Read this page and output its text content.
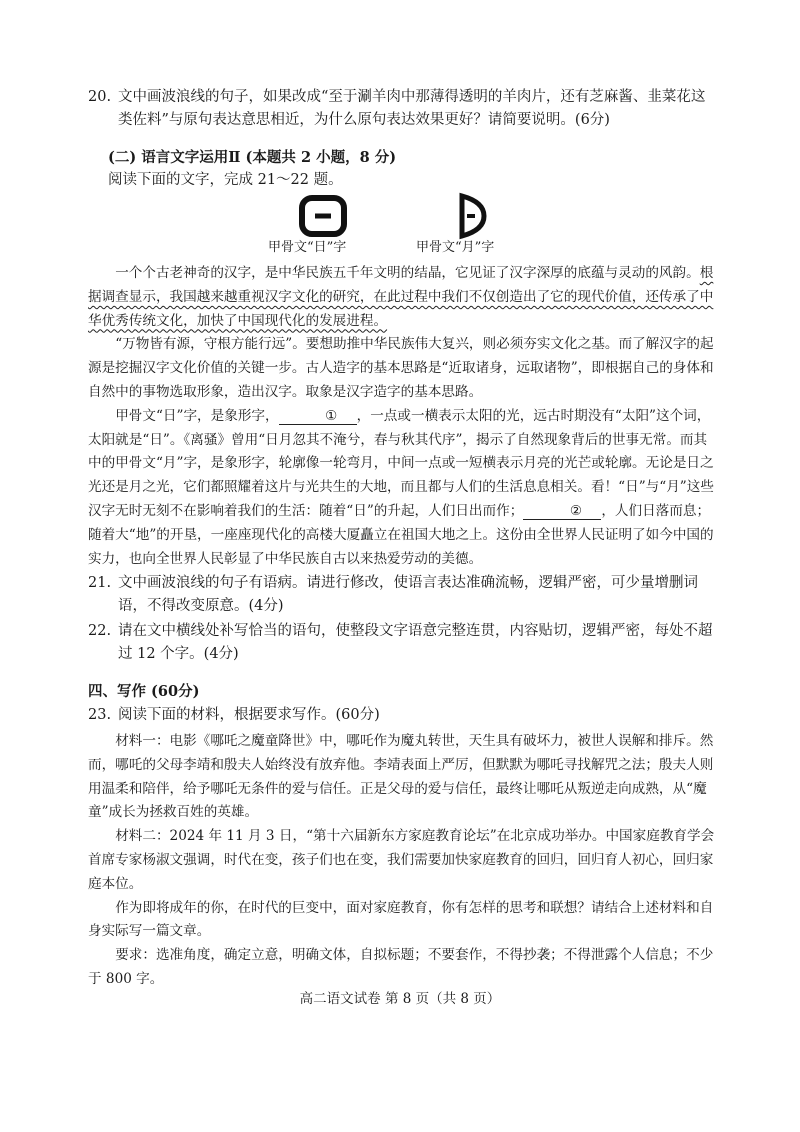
20. 文中画波浪线的句子，如果改成“至于涮羊肉中那薄得透明的羊肉片，还有芝麻酱、韭菜花这类佐料”与原句表达意思相近，为什么原句表达效果更好？请简要说明。(6分)
(二) 语言文字运用Ⅱ (本题共 2 小题，8 分)
阅读下面的文字，完成 21～22 题。
甲骨文“日”字	甲骨文“月”字
一个个古老神奇的汉字，是中华民族五千年文明的结晶，它见证了汉字深厚的底蕴与灵动的风韵。根据调查显示，我国越来越重视汉字文化的研究，在此过程中我们不仅创造出了它的现代价值，还传承了中华优秀传统文化，加快了中国现代化的发展进程。
“万物皆有源，守根方能行远”。要想助推中华民族伟大复兴，则必须夯实文化之基。而了解汉字的起源是挖掘汉字文化价值的关键一步。古人造字的基本思路是“近取诸身，远取诸物”，即根据自己的身体和自然中的事物选取形象，造出汉字。取象是汉字造字的基本思路。
甲骨文“日”字，是象形字，	① ，一点或一横表示太阳的光，远古时期没有“太阳”这个词，太阳就是“日”。《离骚》曾用“日月忽其不淹兮，春与秋其代序”，揭示了自然现象背后的世事无常。而其中的甲骨文“月”字，是象形字，轮廓像一轮弯月，中间一点或一短横表示月亮的光芒或轮廓。无论是日之光还是月之光，它们都照耀着这片与光共生的大地，而且都与人们的生活息息相关。看！“日”与“月”这些汉字无时无刻不在影响着我们的生活：随着“日”的升起，人们日出而作；	② ，人们日落而息；随着大“地”的开垦，一座座现代化的高楼大厦矗立在祖国大地之上。这份由全世界人民证明了如今中国的实力，也向全世界人民彰显了中华民族自古以来热爱劳动的美德。
21. 文中画波浪线的句子有语病。请进行修改，使语言表达准确流畅，逻辑严密，可少量增删词语，不得改变原意。(4分)
22. 请在文中横线处补写恰当的语句，使整段文字语意完整连贯，内容贴切，逻辑严密，每处不超过 12 个字。(4分)
四、写作 (60分)
23. 阅读下面的材料，根据要求写作。(60分)
材料一：电影《哪吒之魔童降世》中，哪吒作为魔丸转世，天生具有破坏力，被世人误解和排斥。然而，哪吒的父母李靖和殷夫人始终没有放弃他。李靖表面上严厉，但默默为哪吒寻找解咒之法；殷夫人则用温柔和陪伴，给予哪吒无条件的爱与信任。正是父母的爱与信任，最终让哪吒从叛逆走向成熟，从“魔童”成长为拯救百姓的英雄。
材料二：2024 年 11 月 3 日，“第十六届新东方家庭教育论坛”在北京成功举办。中国家庭教育学会首席专家杨淑文强调，时代在变，孩子们也在变，我们需要加快家庭教育的回归，回归育人初心，回归家庭本位。
作为即将成年的你，在时代的巨变中，面对家庭教育，你有怎样的思考和联想？请结合上述材料和自身实际写一篇文章。
要求：选准角度，确定立意，明确文体，自拟标题；不要套作，不得抄袭；不得泄露个人信息；不少于 800 字。
高二语文试卷 第 8 页（共 8 页）
